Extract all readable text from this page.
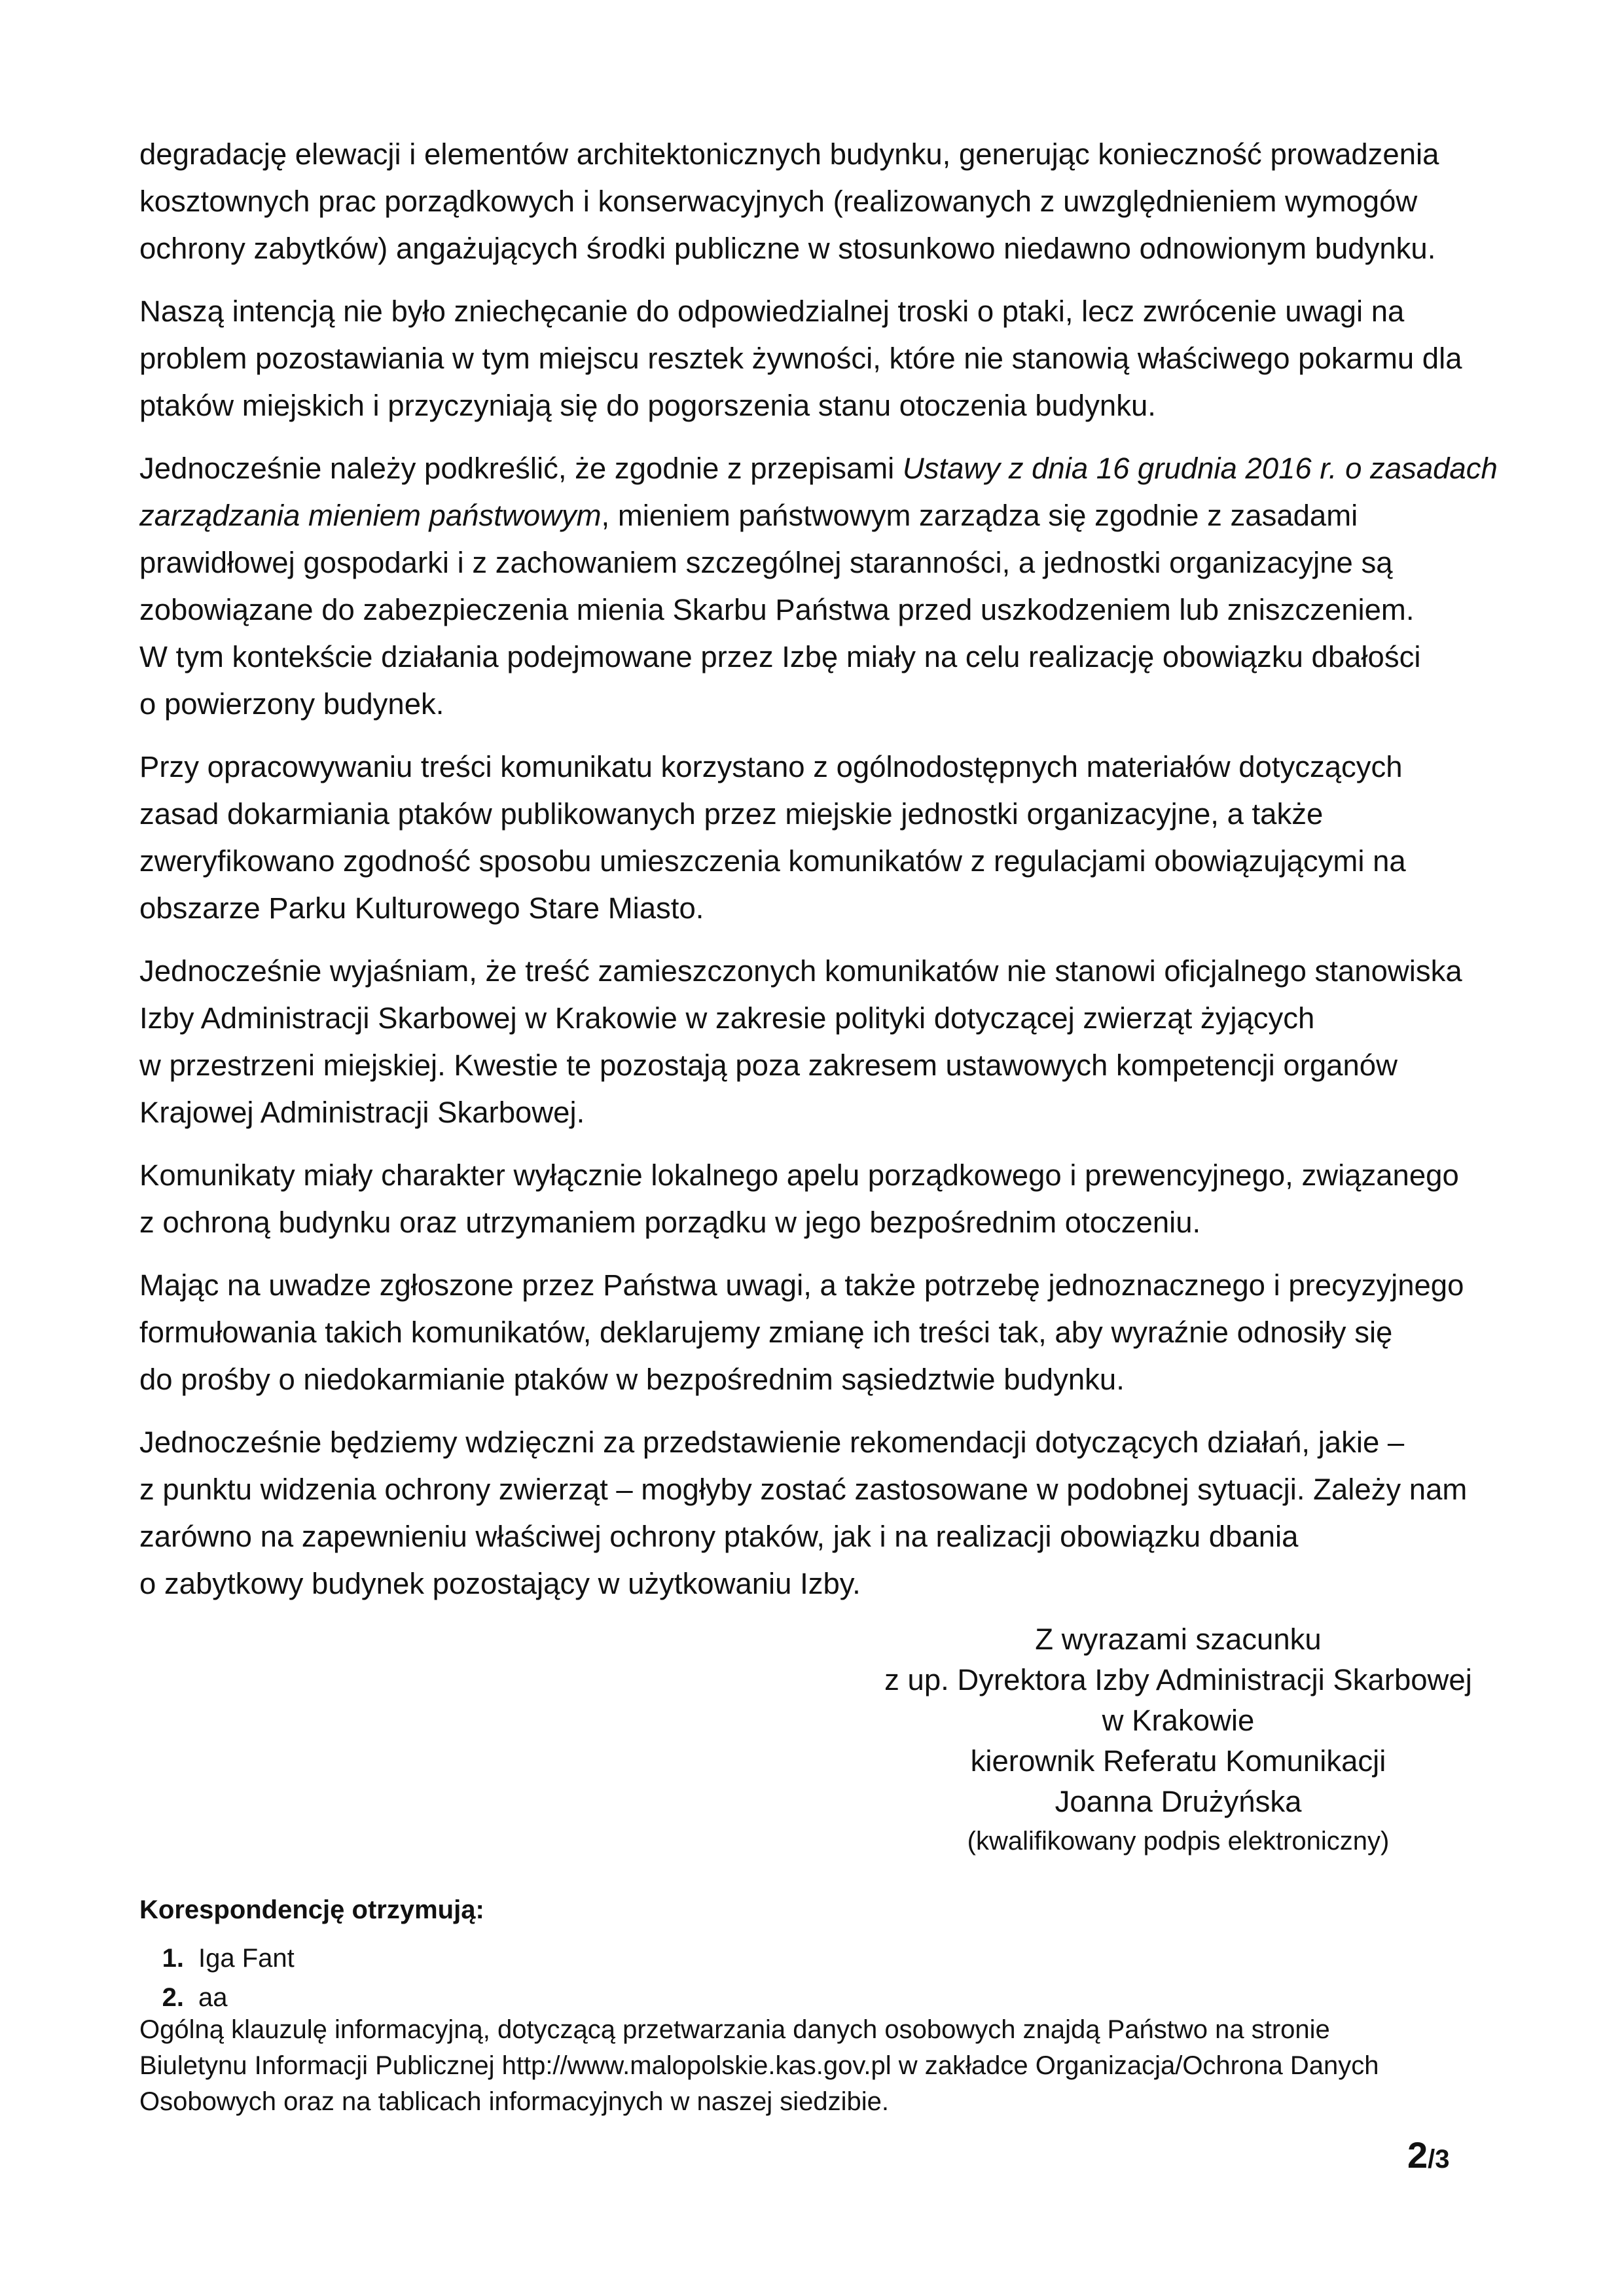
degradację elewacji i elementów architektonicznych budynku, generując konieczność prowadzenia
kosztownych prac porządkowych i konserwacyjnych (realizowanych z uwzględnieniem wymogów
ochrony zabytków) angażujących środki publiczne w stosunkowo niedawno odnowionym budynku.

Naszą intencją nie było zniechęcanie do odpowiedzialnej troski o ptaki, lecz zwrócenie uwagi na
problem pozostawiania w tym miejscu resztek żywności, które nie stanowią właściwego pokarmu dla
ptaków miejskich i przyczyniają się do pogorszenia stanu otoczenia budynku.

Jednocześnie należy podkreślić, że zgodnie z przepisami Ustawy z dnia 16 grudnia 2016 r. o zasadach
zarządzania mieniem państwowym, mieniem państwowym zarządza się zgodnie z zasadami
prawidłowej gospodarki i z zachowaniem szczególnej staranności, a jednostki organizacyjne są
zobowiązane do zabezpieczenia mienia Skarbu Państwa przed uszkodzeniem lub zniszczeniem.
W tym kontekście działania podejmowane przez Izbę miały na celu realizację obowiązku dbałości
o powierzony budynek.

Przy opracowywaniu treści komunikatu korzystano z ogólnodostępnych materiałów dotyczących
zasad dokarmiania ptaków publikowanych przez miejskie jednostki organizacyjne, a także
zweryfikowano zgodność sposobu umieszczenia komunikatów z regulacjami obowiązującymi na
obszarze Parku Kulturowego Stare Miasto.

Jednocześnie wyjaśniam, że treść zamieszczonych komunikatów nie stanowi oficjalnego stanowiska
Izby Administracji Skarbowej w Krakowie w zakresie polityki dotyczącej zwierząt żyjących
w przestrzeni miejskiej. Kwestie te pozostają poza zakresem ustawowych kompetencji organów
Krajowej Administracji Skarbowej.

Komunikaty miały charakter wyłącznie lokalnego apelu porządkowego i prewencyjnego, związanego
z ochroną budynku oraz utrzymaniem porządku w jego bezpośrednim otoczeniu.

Mając na uwadze zgłoszone przez Państwa uwagi, a także potrzebę jednoznacznego i precyzyjnego
formułowania takich komunikatów, deklarujemy zmianę ich treści tak, aby wyraźnie odnosiły się
do prośby o niedokarmianie ptaków w bezpośrednim sąsiedztwie budynku.

Jednocześnie będziemy wdzięczni za przedstawienie rekomendacji dotyczących działań, jakie –
z punktu widzenia ochrony zwierząt – mogłyby zostać zastosowane w podobnej sytuacji. Zależy nam
zarówno na zapewnieniu właściwej ochrony ptaków, jak i na realizacji obowiązku dbania
o zabytkowy budynek pozostający w użytkowaniu Izby.

Z wyrazami szacunku
z up. Dyrektora Izby Administracji Skarbowej
w Krakowie
kierownik Referatu Komunikacji
Joanna Drużyńska
(kwalifikowany podpis elektroniczny)
Korespondencję otrzymują:
1. Iga Fant
2. aa
Ogólną klauzulę informacyjną, dotyczącą przetwarzania danych osobowych znajdą Państwo na stronie
Biuletynu Informacji Publicznej http://www.malopolskie.kas.gov.pl w zakładce Organizacja/Ochrona Danych
Osobowych oraz na tablicach informacyjnych w naszej siedzibie.
2/3
